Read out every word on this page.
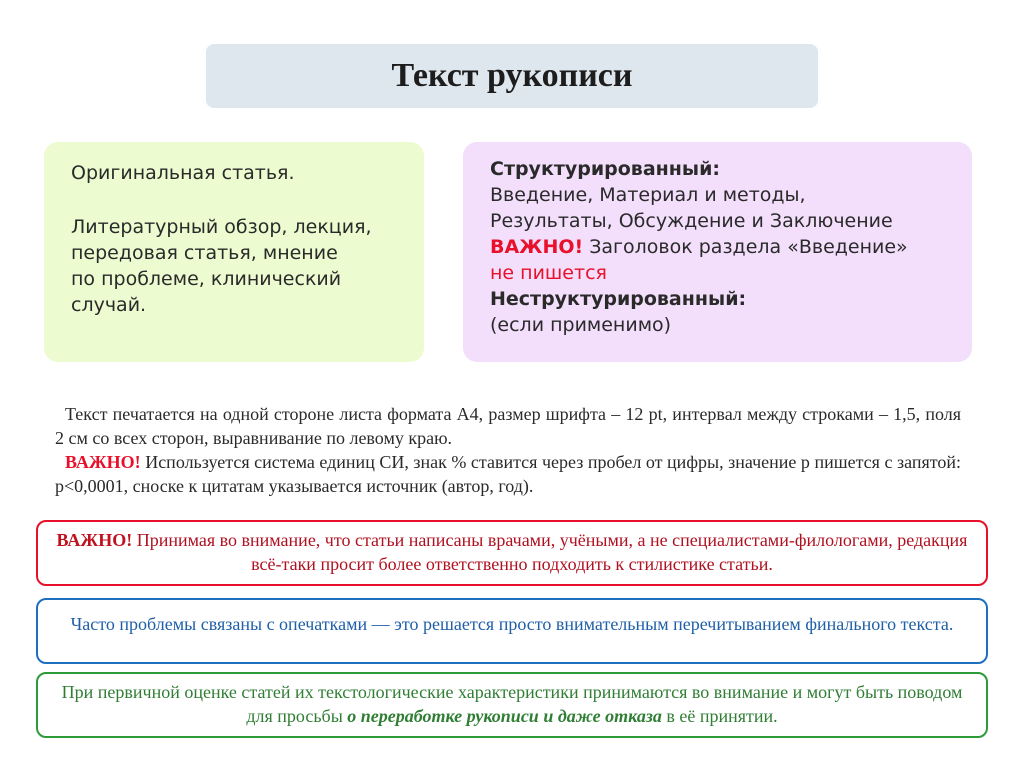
Текст рукописи

Оригинальная статья.

Литературный обзор, лекция,

передовая статья, мнение

по проблеме, клинический

случай.

Структурированный:

Введение, Материал и методы,

Результаты, Обсуждение и Заключение

ВАЖНО! Заголовок раздела «Введение»

не пишется

Неструктурированный:

(если применимо)

Текст печатается на одной стороне листа формата А4, размер шрифта – 12 pt, интервал между строками – 1,5, поля 2 см со всех сторон, выравнивание по левому краю.

ВАЖНО! Используется система единиц СИ, знак % ставится через пробел от цифры, значение р пишется с запятой: р<0,0001, сноске к цитатам указывается источник (автор, год).

ВАЖНО! Принимая во внимание, что статьи написаны врачами, учёными, а не специалистами-филологами, редакция всё-таки просит более ответственно подходить к стилистике статьи.
Часто проблемы связаны с опечатками — это решается просто внимательным перечитыванием финального текста.
При первичной оценке статей их текстологические характеристики принимаются во внимание и могут быть поводом для просьбы о переработке рукописи и даже отказа в её принятии.
